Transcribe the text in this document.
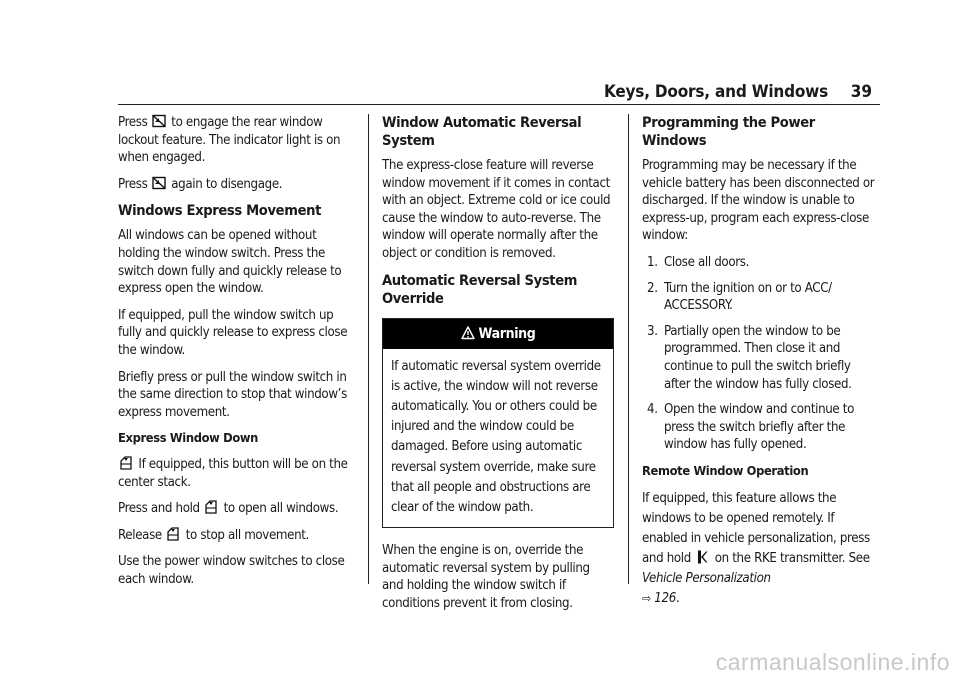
Keys, Doors, and Windows 39

Press to engage the rear window lockout feature. The indicator light is on when engaged.

Press again to disengage.

Windows Express Movement

All windows can be opened without holding the window switch. Press the switch down fully and quickly release to express open the window.

If equipped, pull the window switch up fully and quickly release to express close the window.

Briefly press or pull the window switch in the same direction to stop that window’s express movement.

Express Window Down

If equipped, this button will be on the center stack.

Press and hold to open all windows.

Release to stop all movement.

Use the power window switches to close each window.

Window Automatic Reversal System

The express-close feature will reverse window movement if it comes in contact with an object. Extreme cold or ice could cause the window to auto-reverse. The window will operate normally after the object or condition is removed.

Automatic Reversal System Override
Warning
If automatic reversal system override is active, the window will not reverse automatically. You or others could be injured and the window could be damaged. Before using automatic reversal system override, make sure that all people and obstructions are clear of the window path.

When the engine is on, override the automatic reversal system by pulling and holding the window switch if conditions prevent it from closing.

Programming the Power Windows

Programming may be necessary if the vehicle battery has been disconnected or discharged. If the window is unable to express-up, program each express-close window:

1. Close all doors.
2. Turn the ignition on or to ACC/ ACCESSORY.
3. Partially open the window to be programmed. Then close it and continue to pull the switch briefly after the window has fully closed.
4. Open the window and continue to press the switch briefly after the window has fully opened.
Remote Window Operation

If equipped, this feature allows the windows to be opened remotely. If enabled in vehicle personalization, press and hold on the RKE transmitter. See Vehicle Personalization
⇨ 126.

carmanualsonline.info
